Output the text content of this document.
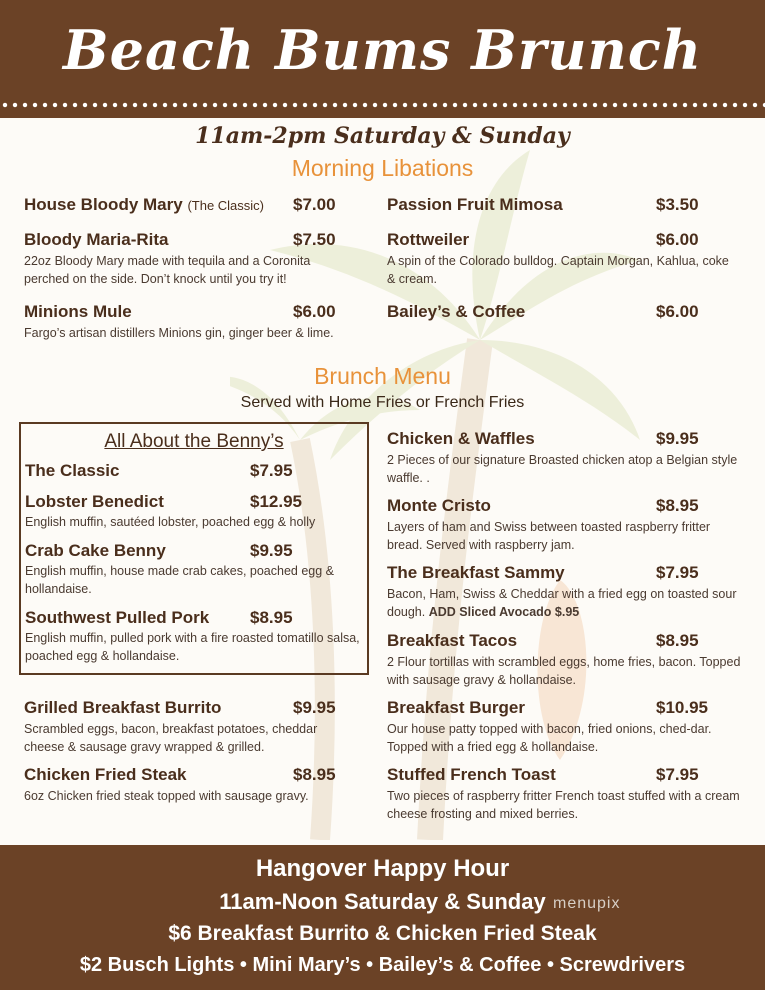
Beach Bums Brunch
11am-2pm Saturday & Sunday
Morning Libations
House Bloody Mary (The Classic) $7.00
Bloody Maria-Rita	$7.50
22oz Bloody Mary made with tequila and a Coronita perched on the side. Don’t knock until you try it!
Minions Mule	$6.00
Fargo’s artisan distillers Minions gin, ginger beer & lime.
Passion Fruit Mimosa	$3.50
Rottweiler	$6.00
A spin of the Colorado bulldog. Captain Morgan, Kahlua, coke & cream.
Bailey’s & Coffee	$6.00
Brunch Menu
Served with Home Fries or French Fries
All About the Benny’s
The Classic	$7.95
Lobster Benedict	$12.95
English muffin, sautéed lobster, poached egg & holly
Crab Cake Benny	$9.95
English muffin, house made crab cakes, poached egg & hollandaise.
Southwest Pulled Pork $8.95
English muffin, pulled pork with a fire roasted tomatillo salsa, poached egg & hollandaise.
Grilled Breakfast Burrito	$9.95
Scrambled eggs, bacon, breakfast potatoes, cheddar cheese & sausage gravy wrapped & grilled.
Chicken Fried Steak	$8.95
6oz Chicken fried steak topped with sausage gravy.
Chicken & Waffles	$9.95
2 Pieces of our signature Broasted chicken atop a Belgian style waffle. .
Monte Cristo	$8.95
Layers of ham and Swiss between toasted raspberry fritter bread. Served with raspberry jam.
The Breakfast Sammy	$7.95
Bacon, Ham, Swiss & Cheddar with a fried egg on toasted sour dough. ADD Sliced Avocado $.95
Breakfast Tacos	$8.95
2 Flour tortillas with scrambled eggs, home fries, bacon. Topped with sausage gravy & hollandaise.
Breakfast Burger	$10.95
Our house patty topped with bacon, fried onions, ched-dar. Topped with a fried egg & hollandaise.
Stuffed French Toast	$7.95
Two pieces of raspberry fritter French toast stuffed with a cream cheese frosting and mixed berries.
Hangover Happy Hour
11am-Noon Saturday & Sunday
$6 Breakfast Burrito & Chicken Fried Steak
$2 Busch Lights • Mini Mary’s • Bailey’s & Coffee • Screwdrivers
menupix
